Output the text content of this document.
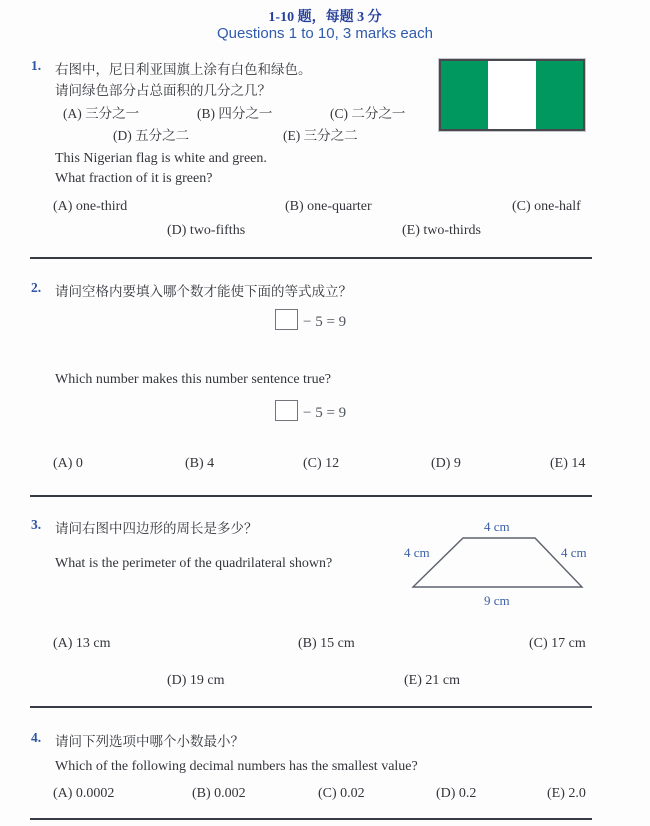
1-10 题，每题 3 分
Questions 1 to 10, 3 marks each
1. 右图中，尼日利亚国旗上涂有白色和绿色。
请问绿色部分占总面积的几分之几？
(A) 三分之一	(B) 四分之一	(C) 二分之一
(D) 五分之二	(E) 三分之二
This Nigerian flag is white and green.
What fraction of it is green?
(A) one-third	(B) one-quarter	(C) one-half
(D) two-fifths	(E) two-thirds
2. 请问空格内要填入哪个数才能使下面的等式成立？
− 5 = 9
Which number makes this number sentence true?
− 5 = 9
(A) 0	(B) 4	(C) 12	(D) 9	(E) 14
3. 请问右图中四边形的周长是多少？
What is the perimeter of the quadrilateral shown?
4 cm
4 cm	4 cm
9 cm
(A) 13 cm	(B) 15 cm	(C) 17 cm
(D) 19 cm	(E) 21 cm
4. 请问下列选项中哪个小数最小？
Which of the following decimal numbers has the smallest value?
(A) 0.0002	(B) 0.002	(C) 0.02	(D) 0.2	(E) 2.0
